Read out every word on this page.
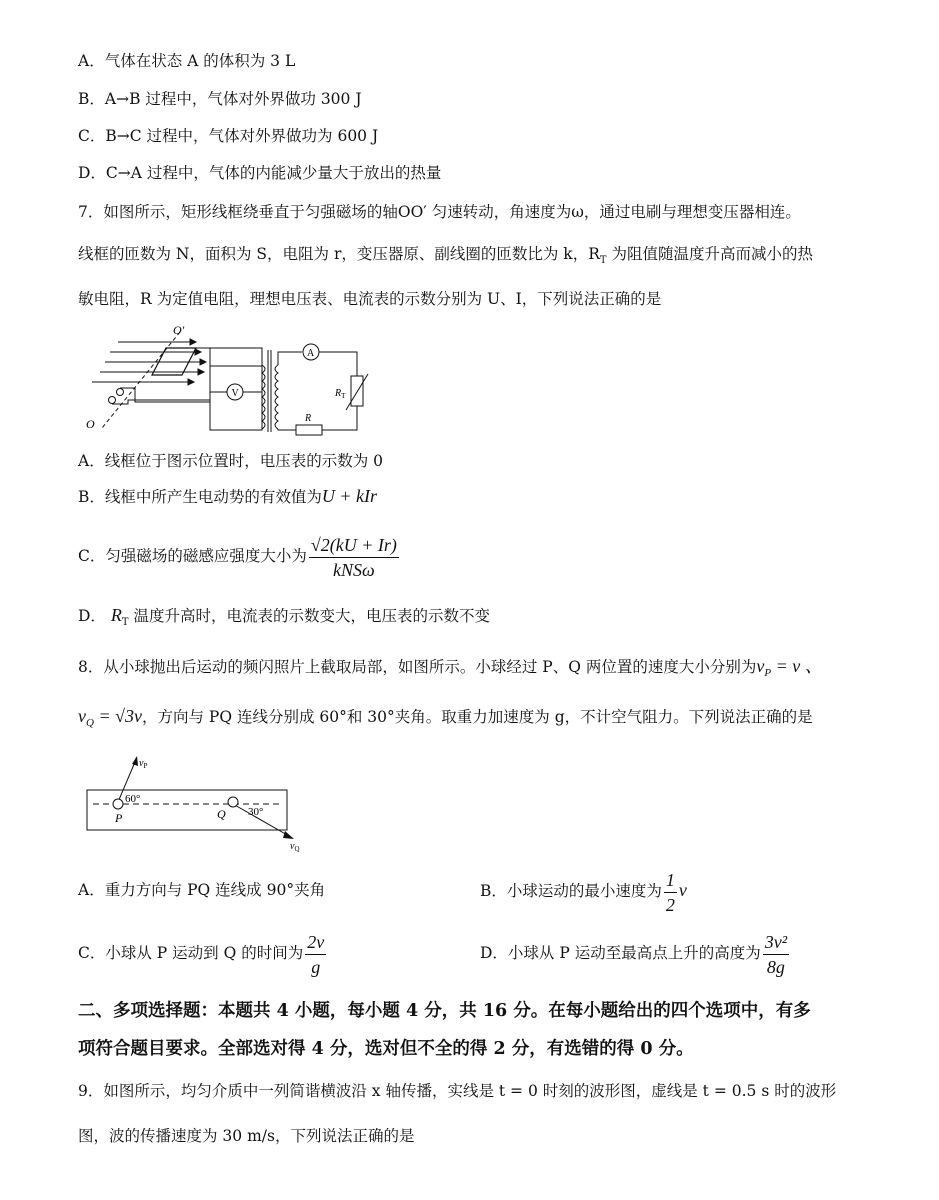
A．气体在状态 A 的体积为 3 L
B．A→B 过程中，气体对外界做功 300 J
C．B→C 过程中，气体对外界做功为 600 J
D．C→A 过程中，气体的内能减少量大于放出的热量
7．如图所示，矩形线框绕垂直于匀强磁场的轴OO′ 匀速转动，角速度为ω，通过电刷与理想变压器相连。
线框的匝数为 N，面积为 S，电阻为 r，变压器原、副线圈的匝数比为 k，$R_T$ 为阻值随温度升高而减小的热
敏电阻，R 为定值电阻，理想电压表、电流表的示数分别为 U、I，下列说法正确的是
V
A
O′
O
$R_T$
R
A．线框位于图示位置时，电压表的示数为 0
B．线框中所产生电动势的有效值为U + kIr
C．匀强磁场的磁感应强度大小为 $\frac{√2(kU + Ir)}{\text{kNSω}}$
D． $R_T$ 温度升高时，电流表的示数变大，电压表的示数不变
8．从小球抛出后运动的频闪照片上截取局部，如图所示。小球经过 P、Q 两位置的速度大小分别为$v_P = v$ 、
$v_Q = √3v$，方向与 PQ 连线分别成 60°和 30°夹角。取重力加速度为 g，不计空气阻力。下列说法正确的是
$v_P$
$v_Q$
60°
30°
P	Q
A．重力方向与 PQ 连线成 90°夹角	B．小球运动的最小速度为 $\frac{1}{2}$ v
C．小球从 P 运动到 Q 的时间为 $\frac{2v}{g}$	D．小球从 P 运动至最高点上升的高度为 $\frac{\text{3v²}}{8g}$
二、多项选择题：本题共 4 小题，每小题 4 分，共 16 分。在每小题给出的四个选项中，有多
项符合题目要求。全部选对得 4 分，选对但不全的得 2 分，有选错的得 0 分。
9．如图所示，均匀介质中一列简谐横波沿 x 轴传播，实线是 t = 0 时刻的波形图，虚线是 t = 0.5 s 时的波形
图，波的传播速度为 30 m/s，下列说法正确的是
